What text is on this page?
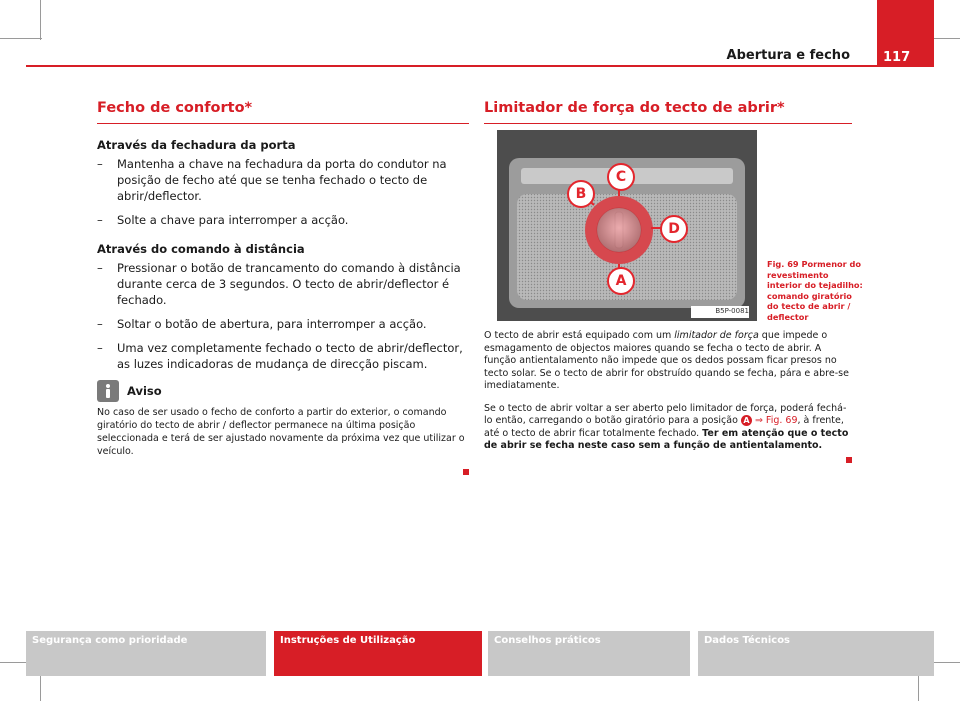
Abertura e fecho	117
Fecho de conforto*
Através da fechadura da porta
– Mantenha a chave na fechadura da porta do condutor na posição de fecho até que se tenha fechado o tecto de abrir/deflector.
– Solte a chave para interromper a acção.
Através do comando à distância
– Pressionar o botão de trancamento do comando à distância durante cerca de 3 segundos. O tecto de abrir/deflector é fechado.
– Soltar o botão de abertura, para interromper a acção.
– Uma vez completamente fechado o tecto de abrir/deflector, as luzes indicadoras de mudança de direcção piscam.
Aviso
No caso de ser usado o fecho de conforto a partir do exterior, o comando giratório do tecto de abrir / deflector permanece na última posição seleccionada e terá de ser ajustado novamente da próxima vez que utilizar o veículo.
Limitador de força do tecto de abrir*
B
C
D
A
B5P-0081
Fig. 69 Pormenor do revestimento interior do tejadilho: comando giratório do tecto de abrir / deflector

O tecto de abrir está equipado com um limitador de força que impede o esmagamento de objectos maiores quando se fecha o tecto de abrir. A função antientalamento não impede que os dedos possam ficar presos no tecto solar. Se o tecto de abrir for obstruído quando se fecha, pára e abre-se imediatamente.

Se o tecto de abrir voltar a ser aberto pelo limitador de força, poderá fechá-lo então, carregando o botão giratório para a posição A ⇒ Fig. 69, à frente, até o tecto de abrir ficar totalmente fechado. Ter em atenção que o tecto de abrir se fecha neste caso sem a função de antientalamento.

Segurança como prioridade	Instruções de Utilização	Conselhos práticos	Dados Técnicos
